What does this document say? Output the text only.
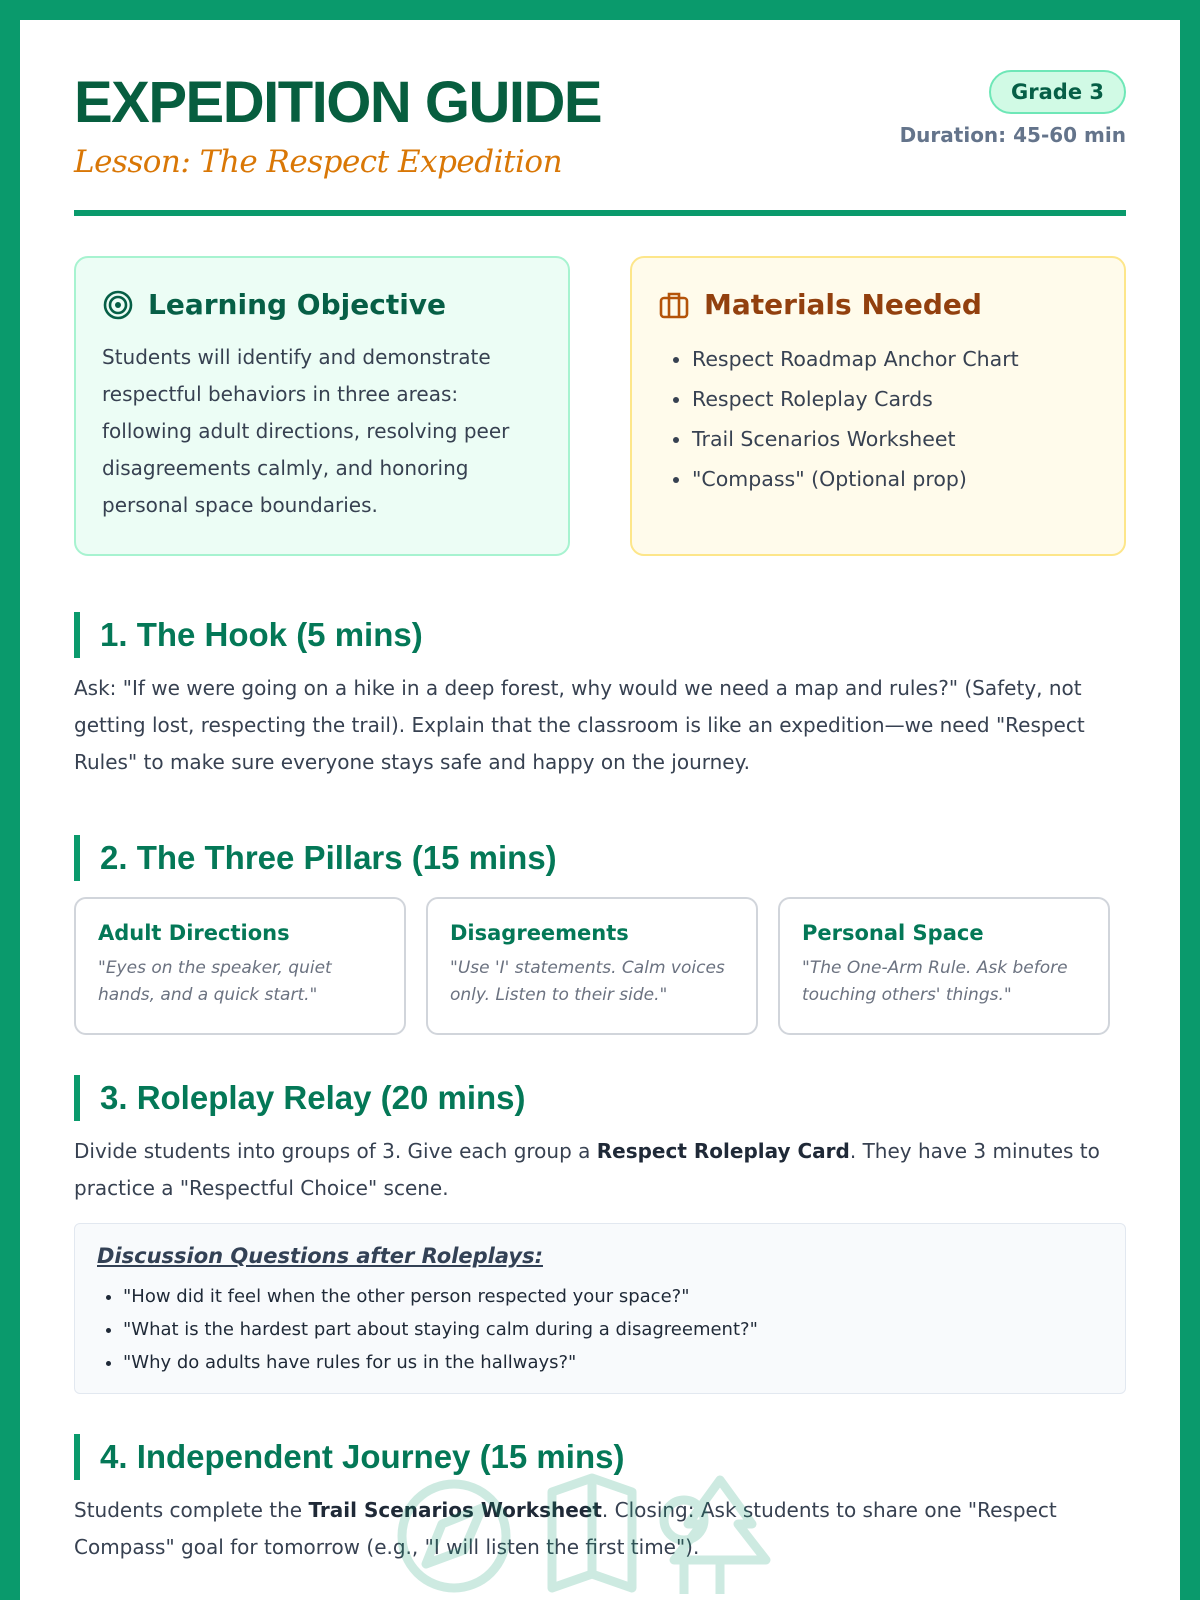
EXPEDITION GUIDE
Lesson: The Respect Expedition
Grade 3
Duration: 45-60 min
Learning Objective

Students will identify and demonstrate respectful behaviors in three areas: following adult directions, resolving peer disagreements calmly, and honoring personal space boundaries.

Materials Needed
• Respect Roadmap Anchor Chart
• Respect Roleplay Cards
• Trail Scenarios Worksheet
• "Compass" (Optional prop)
1. The Hook (5 mins)

Ask: "If we were going on a hike in a deep forest, why would we need a map and rules?" (Safety, not getting lost, respecting the trail). Explain that the classroom is like an expedition—we need "Respect Rules" to make sure everyone stays safe and happy on the journey.

2. The Three Pillars (15 mins)
Adult Directions
"Eyes on the speaker, quiet hands, and a quick start."
Disagreements
"Use 'I' statements. Calm voices only. Listen to their side."
Personal Space
"The One-Arm Rule. Ask before touching others' things."
3. Roleplay Relay (20 mins)

Divide students into groups of 3. Give each group a Respect Roleplay Card. They have 3 minutes to practice a "Respectful Choice" scene.

Discussion Questions after Roleplays:
• "How did it feel when the other person respected your space?"
• "What is the hardest part about staying calm during a disagreement?"
• "Why do adults have rules for us in the hallways?"
4. Independent Journey (15 mins)

Students complete the Trail Scenarios Worksheet. Closing: Ask students to share one "Respect Compass" goal for tomorrow (e.g., "I will listen the first time").
